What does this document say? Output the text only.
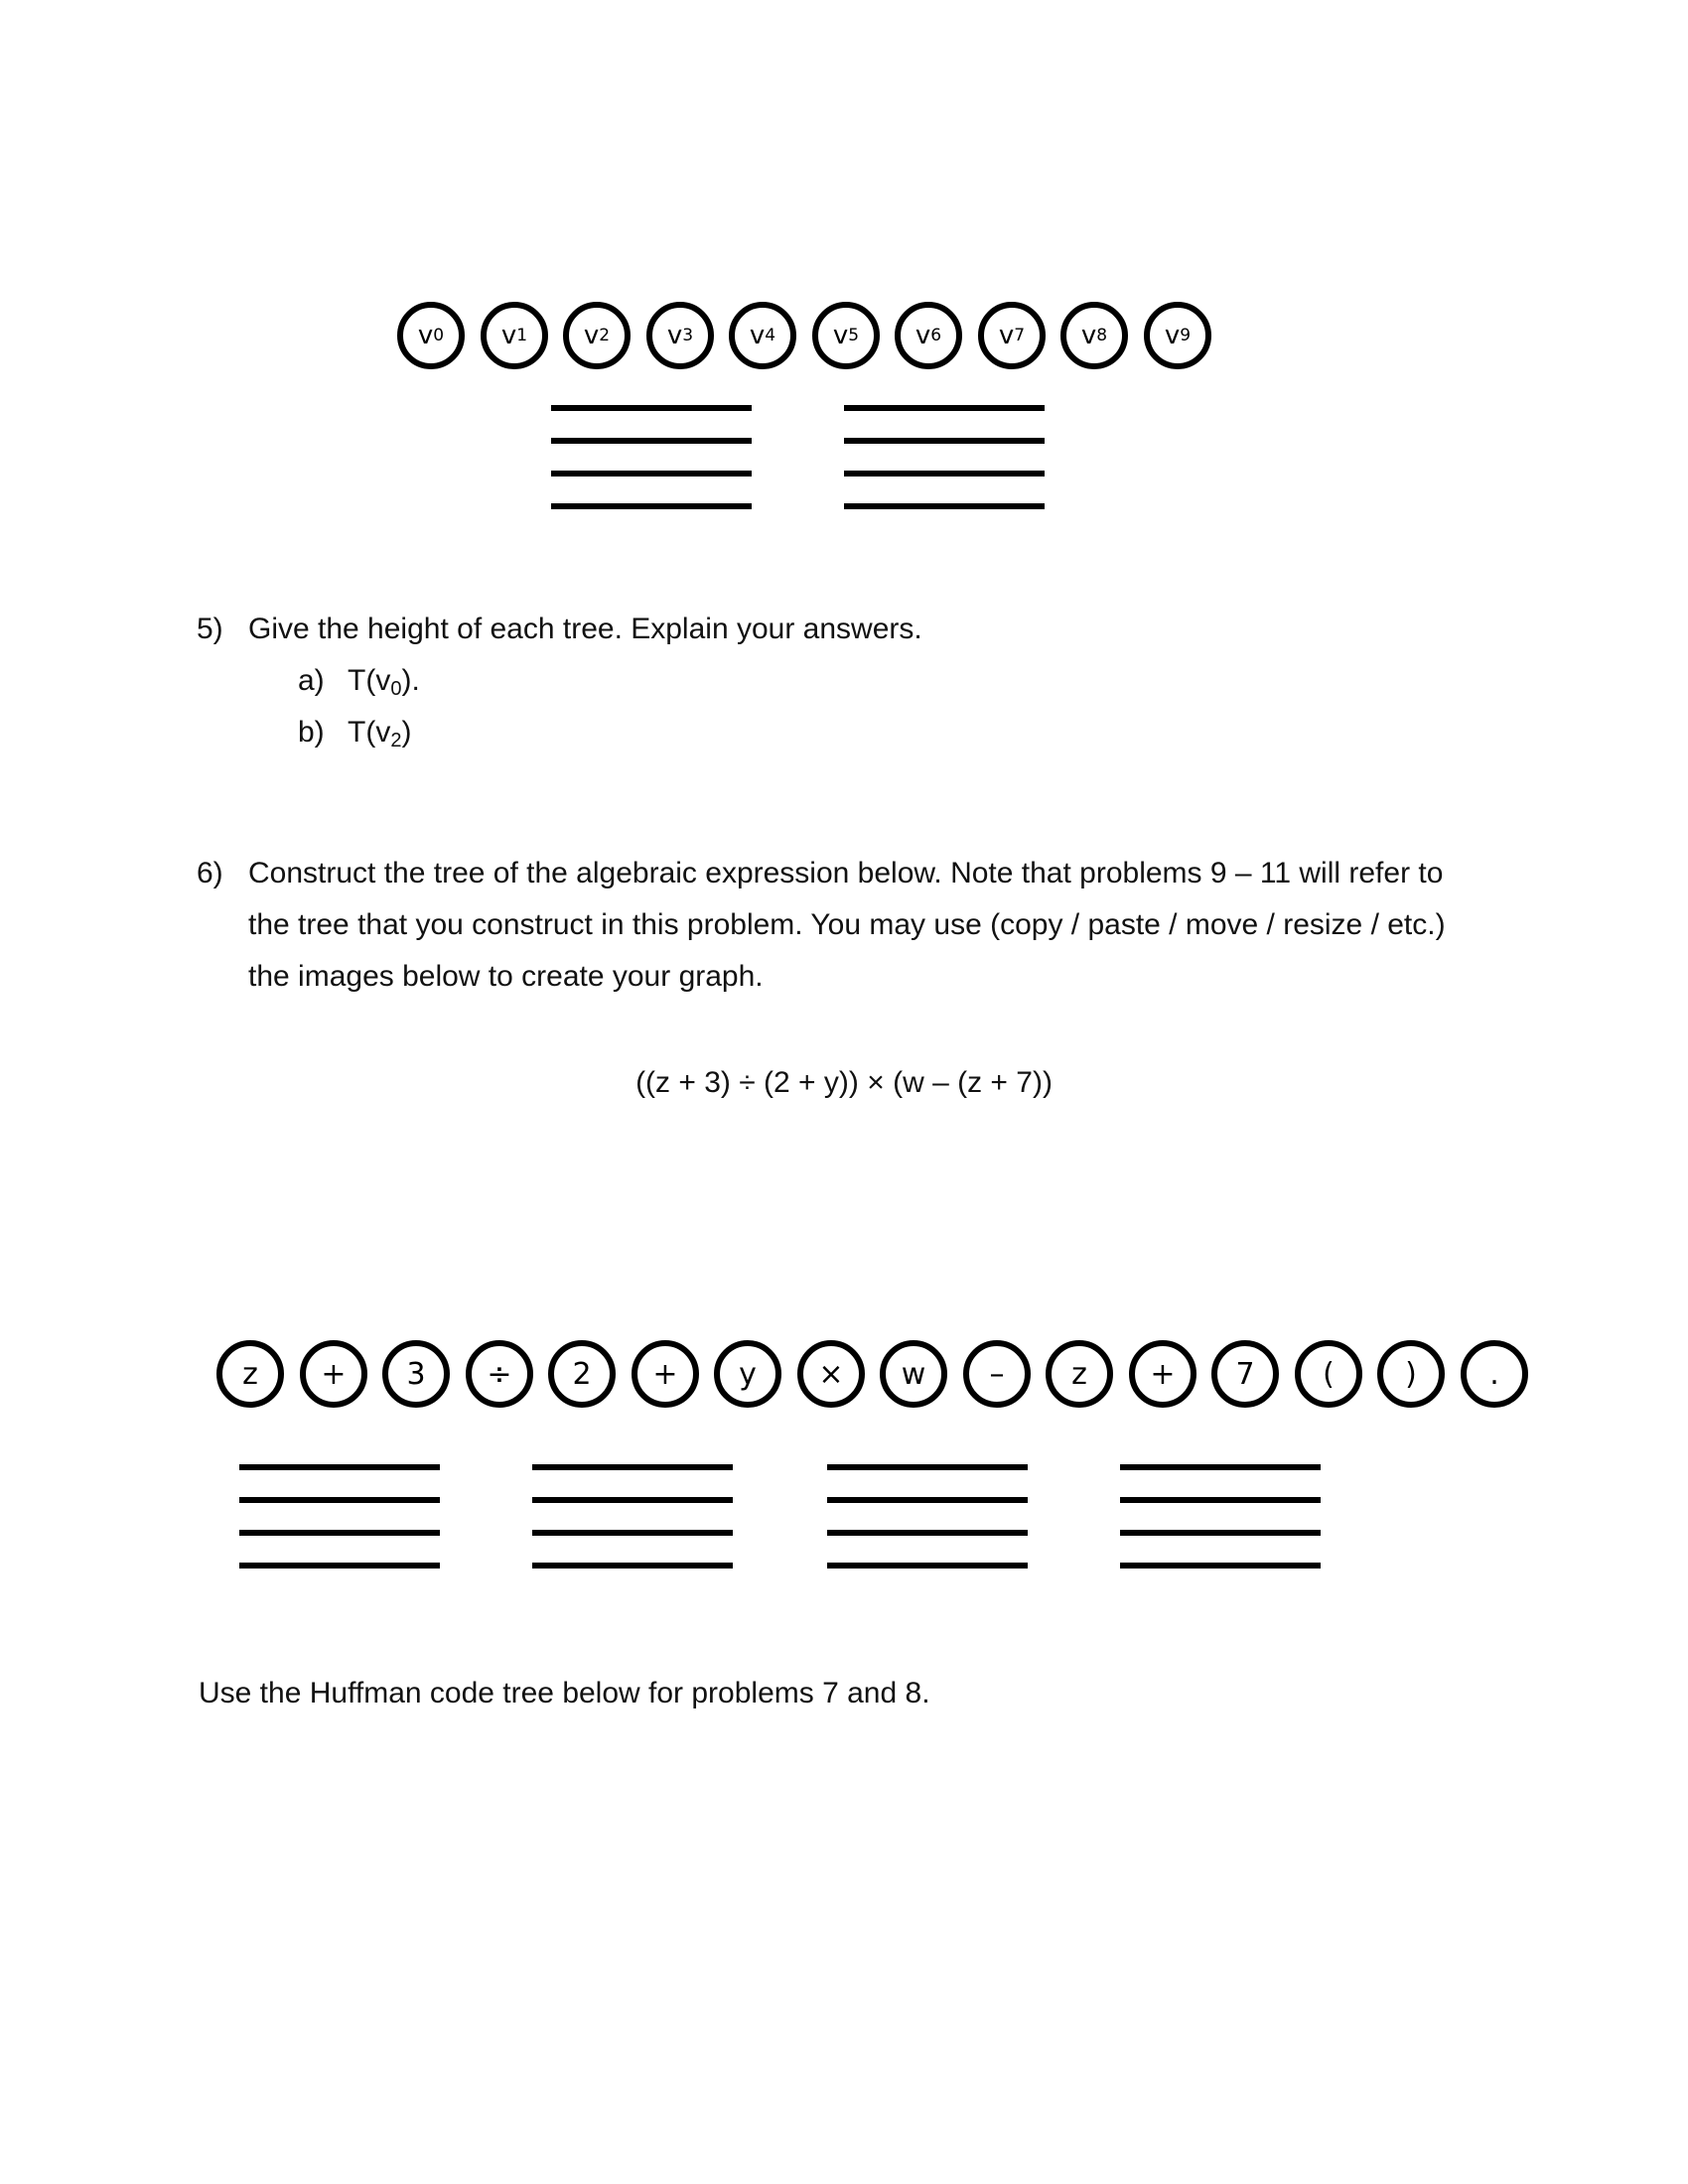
v 0 v 1 v 2 v 3 v 4 v 5 v 6 v 7 v 8 v 9
5) Give the height of each tree. Explain your answers.
a) $T(v_0)$.
b) $T(v_2)$
6) Construct the tree of the algebraic expression below. Note that problems 9 – 11 will refer to
the tree that you construct in this problem. You may use (copy / paste / move / resize / etc.)
the images below to create your graph.
((z + 3) ÷ (2 + y)) × (w – (z + 7))
z	+	3	÷	2	+	y	×	w	–	z	+	7	(	)	.
Use the Huffman code tree below for problems 7 and 8.
